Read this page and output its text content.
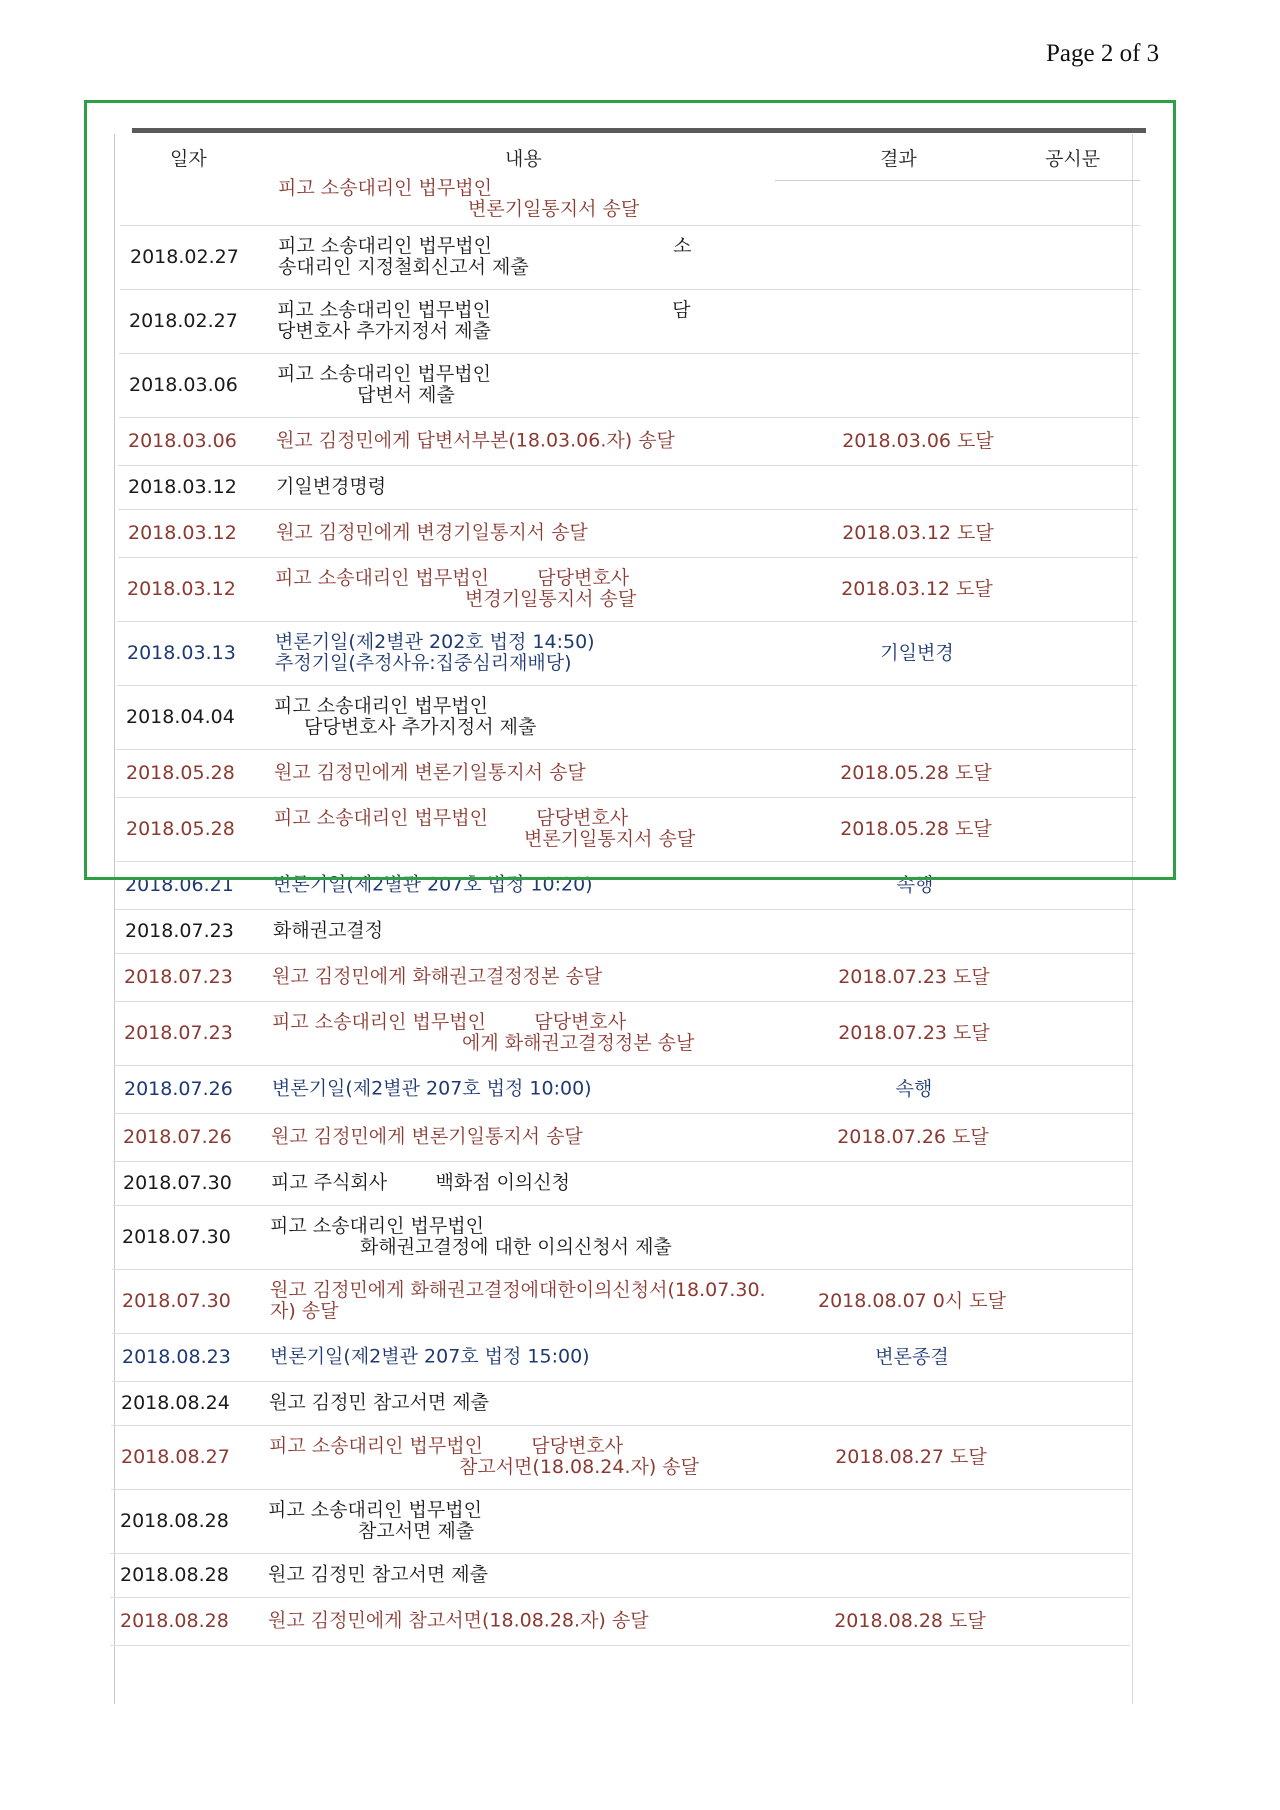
Page 2 of 3
일자	내용	결과	공시문
피고 소송대리인 법무법인
변론기일통지서 송달
2018.02.27	피고 소송대리인 법무법인                              소
송대리인 지정철회신고서 제출
2018.02.27	피고 소송대리인 법무법인                              담
당변호사 추가지정서 제출
2018.03.06	피고 소송대리인 법무법인
답변서 제출
2018.03.06	원고 김정민에게 답변서부본(18.03.06.자) 송달	2018.03.06 도달
2018.03.12	기일변경명령
2018.03.12	원고 김정민에게 변경기일통지서 송달	2018.03.12 도달
2018.03.12	피고 소송대리인 법무법인        담당변호사
변경기일통지서 송달	2018.03.12 도달
2018.03.13	변론기일(제2별관 202호 법정 14:50)
추정기일(추정사유:집중심리재배당)	기일변경
2018.04.04	피고 소송대리인 법무법인
담당변호사 추가지정서 제출
2018.05.28	원고 김정민에게 변론기일통지서 송달	2018.05.28 도달
2018.05.28	피고 소송대리인 법무법인        담당변호사
변론기일통지서 송달	2018.05.28 도달
2018.06.21	변론기일(제2별관 207호 법정 10:20)	속행
2018.07.23	화해권고결정
2018.07.23	원고 김정민에게 화해권고결정정본 송달	2018.07.23 도달
2018.07.23	피고 소송대리인 법무법인        담당변호사
에게 화해권고결정정본 송날	2018.07.23 도달
2018.07.26	변론기일(제2별관 207호 법정 10:00)	속행
2018.07.26	원고 김정민에게 변론기일통지서 송달	2018.07.26 도달
2018.07.30	피고 주식회사        백화점 이의신청
2018.07.30	피고 소송대리인 법무법인
화해권고결정에 대한 이의신청서 제출
2018.07.30	원고 김정민에게 화해권고결정에대한이의신청서(18.07.30.
자) 송달	2018.08.07 0시 도달
2018.08.23	변론기일(제2별관 207호 법정 15:00)	변론종결
2018.08.24	원고 김정민 참고서면 제출
2018.08.27	피고 소송대리인 법무법인        담당변호사
참고서면(18.08.24.자) 송달	2018.08.27 도달
2018.08.28	피고 소송대리인 법무법인
참고서면 제출
2018.08.28	원고 김정민 참고서면 제출
2018.08.28	원고 김정민에게 참고서면(18.08.28.자) 송달	2018.08.28 도달
